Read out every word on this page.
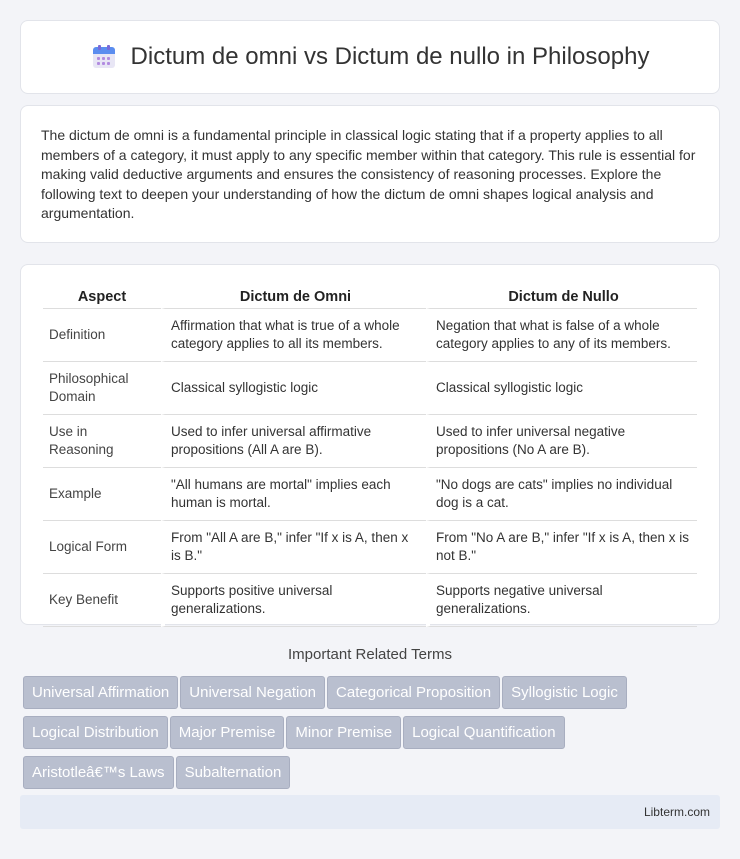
Dictum de omni vs Dictum de nullo in Philosophy

The dictum de omni is a fundamental principle in classical logic stating that if a property applies to all members of a category, it must apply to any specific member within that category. This rule is essential for making valid deductive arguments and ensures the consistency of reasoning processes. Explore the following text to deepen your understanding of how the dictum de omni shapes logical analysis and argumentation.

Aspect	Dictum de Omni	Dictum de Nullo
Definition	Affirmation that what is true of a whole category applies to all its members.	Negation that what is false of a whole category applies to any of its members.
Philosophical Domain	Classical syllogistic logic	Classical syllogistic logic
Use in Reasoning	Used to infer universal affirmative propositions (All A are B).	Used to infer universal negative propositions (No A are B).
Example	"All humans are mortal" implies each human is mortal.	"No dogs are cats" implies no individual dog is a cat.
Logical Form	From "All A are B," infer "If x is A, then x is B."	From "No A are B," infer "If x is A, then x is not B."
Key Benefit	Supports positive universal generalizations.	Supports negative universal generalizations.
Important Related Terms
Universal Affirmation Universal Negation Categorical Proposition Syllogistic Logic
Logical Distribution Major Premise Minor Premise Logical Quantification
Aristotleâ€™s Laws Subalternation
Libterm.com
